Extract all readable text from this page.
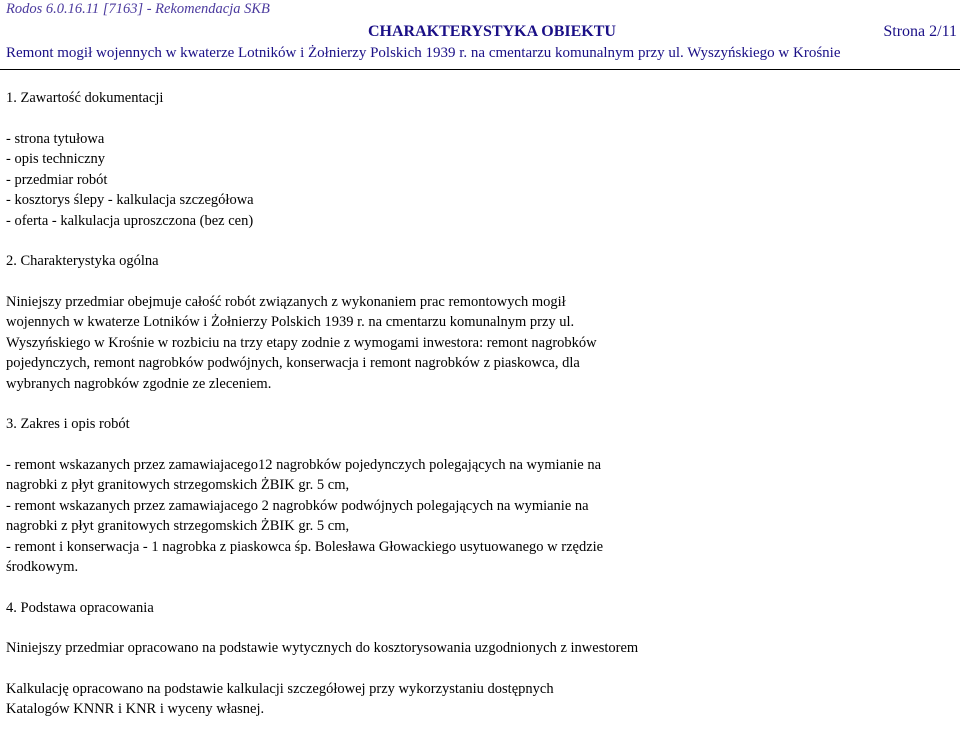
Rodos 6.0.16.11 [7163] - Rekomendacja SKB
CHARAKTERYSTYKA OBIEKTU	Strona 2/11
Remont mogił wojennych w kwaterze Lotników i Żołnierzy Polskich 1939 r. na cmentarzu komunalnym przy ul. Wyszyńskiego w Krośnie
1. Zawartość dokumentacji
- strona tytułowa
- opis techniczny
- przedmiar robót
- kosztorys ślepy - kalkulacja szczegółowa
- oferta - kalkulacja uproszczona (bez cen)
2. Charakterystyka ogólna
Niniejszy przedmiar obejmuje całość robót związanych z wykonaniem prac remontowych mogił
wojennych w kwaterze Lotników i Żołnierzy Polskich 1939 r. na cmentarzu komunalnym przy ul.
Wyszyńskiego w Krośnie w rozbiciu na trzy etapy zodnie z wymogami inwestora: remont nagrobków
pojedynczych, remont nagrobków podwójnych, konserwacja i remont nagrobków z piaskowca, dla
wybranych nagrobków zgodnie ze zleceniem.
3. Zakres i opis robót
- remont wskazanych przez zamawiajacego12 nagrobków pojedynczych polegających na wymianie na
nagrobki z płyt granitowych strzegomskich ŻBIK gr. 5 cm,
- remont wskazanych przez zamawiajacego 2 nagrobków podwójnych polegających na wymianie na
nagrobki z płyt granitowych strzegomskich ŻBIK gr. 5 cm,
- remont i konserwacja - 1 nagrobka z piaskowca śp. Bolesława Głowackiego usytuowanego w rzędzie
środkowym.
4. Podstawa opracowania
Niniejszy przedmiar opracowano na podstawie wytycznych do kosztorysowania uzgodnionych z inwestorem
Kalkulację opracowano na podstawie kalkulacji szczegółowej przy wykorzystaniu dostępnych
Katalogów KNNR i KNR i wyceny własnej.
